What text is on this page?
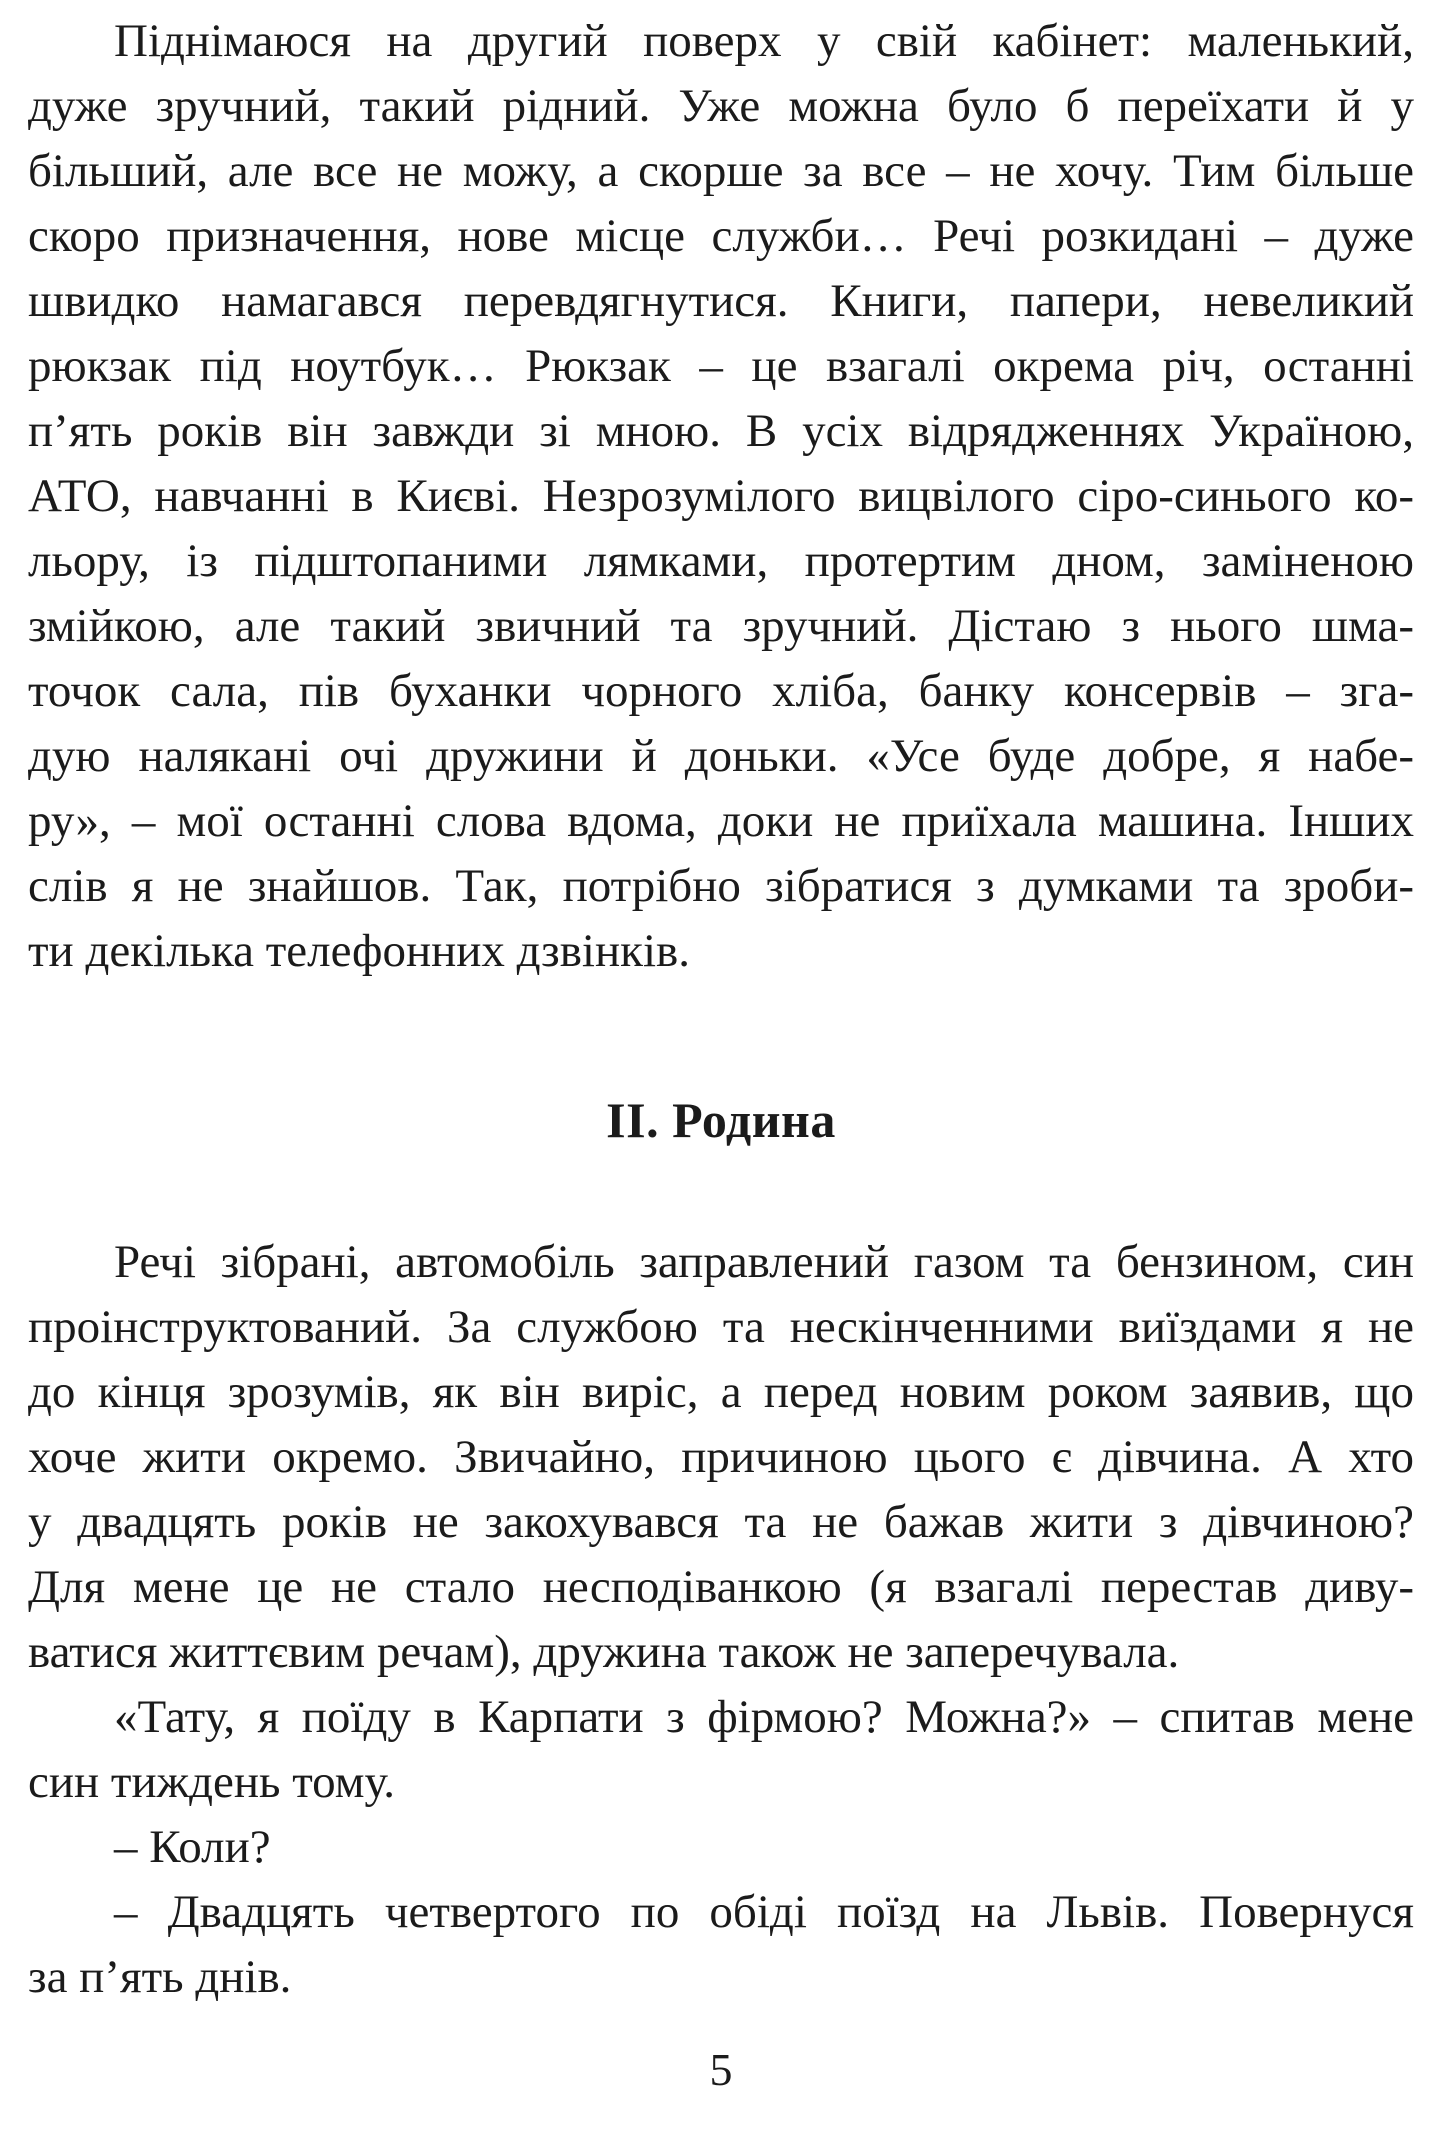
Піднімаюся на другий поверх у свій кабінет: маленький,
дуже зручний, такий рідний. Уже можна було б переїхати й у
більший, але все не можу, а скорше за все – не хочу. Тим більше
скоро призначення, нове місце служби… Речі розкидані – дуже
швидко намагався перевдягнутися. Книги, папери, невеликий
рюкзак під ноутбук… Рюкзак – це взагалі окрема річ, останні
п’ять років він завжди зі мною. В усіх відрядженнях Україною,
АТО, навчанні в Києві. Незрозумілого вицвілого сіро-синього ко-
льору, із підштопаними лямками, протертим дном, заміненою
змійкою, але такий звичний та зручний. Дістаю з нього шма-
точок сала, пів буханки чорного хліба, банку консервів – зга-
дую налякані очі дружини й доньки. «Усе буде добре, я набе-
ру», – мої останні слова вдома, доки не приїхала машина. Інших
слів я не знайшов. Так, потрібно зібратися з думками та зроби-
ти декілька телефонних дзвінків.

ІІ. Родина

Речі зібрані, автомобіль заправлений газом та бензином, син
проінструктований. За службою та нескінченними виїздами я не
до кінця зрозумів, як він виріс, а перед новим роком заявив, що
хоче жити окремо. Звичайно, причиною цього є дівчина. А хто
у двадцять років не закохувався та не бажав жити з дівчиною?
Для мене це не стало несподіванкою (я взагалі перестав диву-
ватися життєвим речам), дружина також не заперечувала.

«Тату, я поїду в Карпати з фірмою? Можна?» – спитав мене
син тиждень тому.

– Коли?

– Двадцять четвертого по обіді поїзд на Львів. Повернуся
за п’ять днів.

5
